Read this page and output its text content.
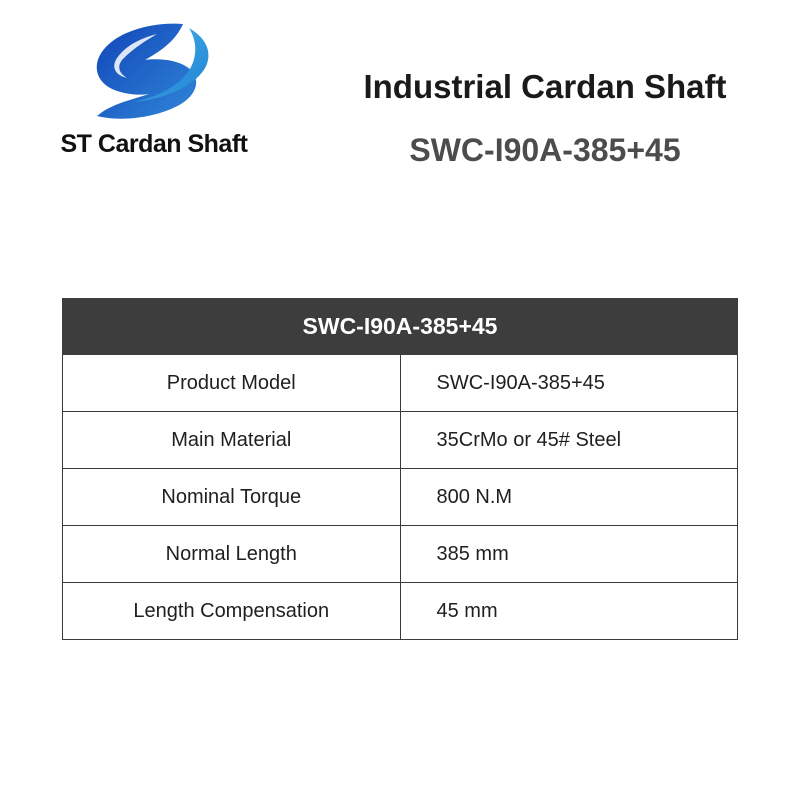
ST Cardan Shaft
Industrial Cardan Shaft
SWC-I90A-385+45
SWC-I90A-385+45	
Product Model	SWC-I90A-385+45
Main Material	35CrMo or 45# Steel
Nominal Torque	800 N.M
Normal Length	385 mm
Length Compensation	45 mm
